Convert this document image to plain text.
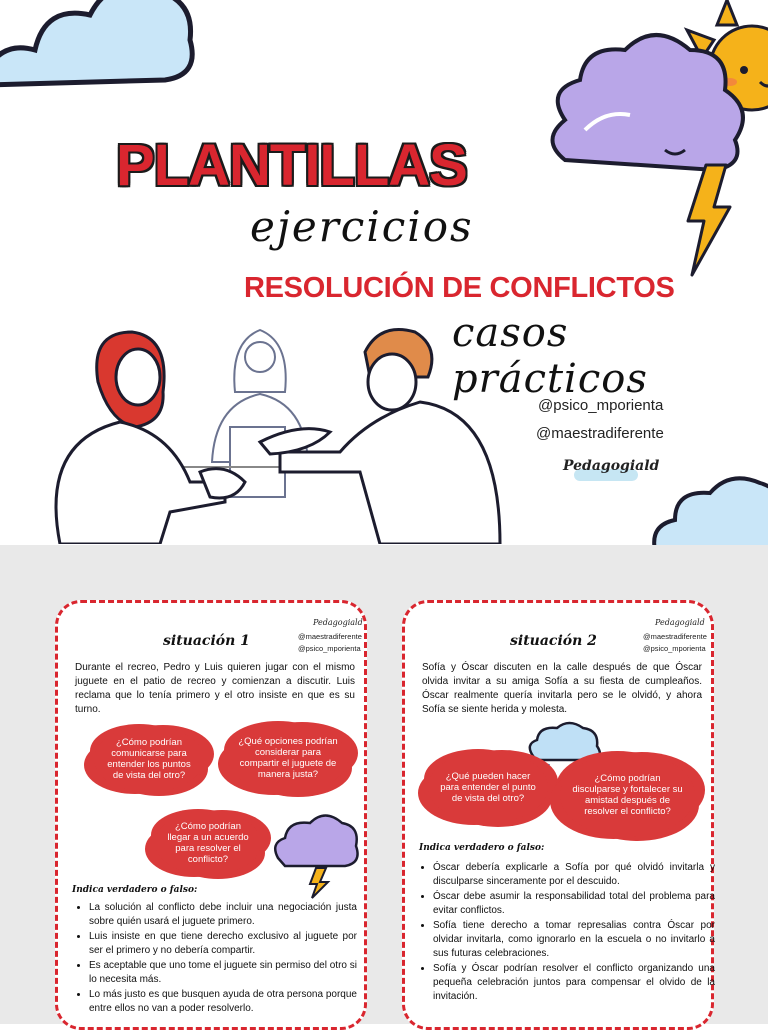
PLANTILLAS
ejercicios
RESOLUCIÓN DE CONFLICTOS
casos prácticos
@psico_mporienta
@maestradiferente
Pedagogiald
Pedagogiald
@maestradiferente
@psico_mporienta
situación 1
Durante el recreo, Pedro y Luis quieren jugar con el mismo juguete en el patio de recreo y comienzan a discutir. Luis reclama que lo tenía primero y el otro insiste en que es su turno.
¿Cómo podrían comunicarse para entender los puntos de vista del otro?
¿Qué opciones podrían considerar para compartir el juguete de manera justa?
¿Cómo podrían llegar a un acuerdo para resolver el conflicto?
Indica verdadero o falso:
• La solución al conflicto debe incluir una negociación justa sobre quién usará el juguete primero.
• Luis insiste en que tiene derecho exclusivo al juguete por ser el primero y no debería compartir.
• Es aceptable que uno tome el juguete sin permiso del otro si lo necesita más.
• Lo más justo es que busquen ayuda de otra persona porque entre ellos no van a poder resolverlo.
Pedagogiald
@maestradiferente
@psico_mporienta
situación 2
Sofía y Óscar discuten en la calle después de que Óscar olvida invitar a su amiga Sofía a su fiesta de cumpleaños. Óscar realmente quería invitarla pero se le olvidó, y ahora Sofía se siente herida y molesta.
¿Qué pueden hacer para entender el punto de vista del otro?
¿Cómo podrían disculparse y fortalecer su amistad después de resolver el conflicto?
Indica verdadero o falso:
• Óscar debería explicarle a Sofía por qué olvidó invitarla y disculparse sinceramente por el descuido.
• Óscar debe asumir la responsabilidad total del problema para evitar conflictos.
• Sofía tiene derecho a tomar represalias contra Óscar por olvidar invitarla, como ignorarlo en la escuela o no invitarlo a sus futuras celebraciones.
• Sofía y Óscar podrían resolver el conflicto organizando una pequeña celebración juntos para compensar el olvido de la invitación.
